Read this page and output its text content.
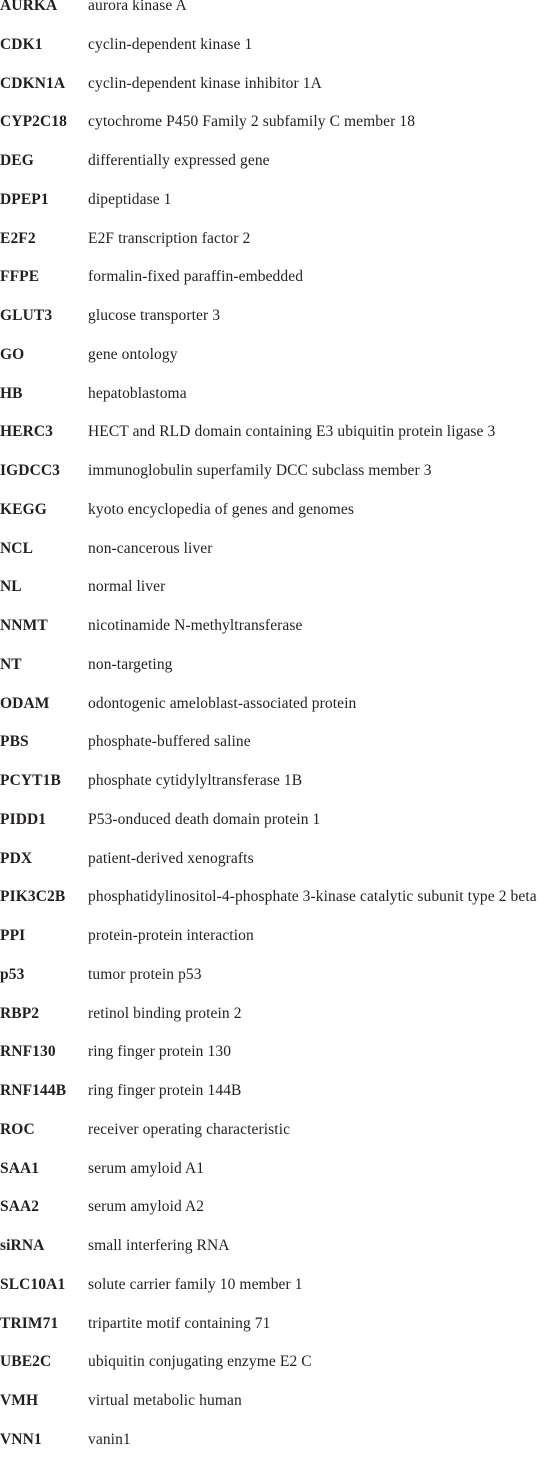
AURKA aurora kinase A
CDK1	cyclin-dependent kinase 1
CDKN1A cyclin-dependent kinase inhibitor 1A
CYP2C18 cytochrome P450 Family 2 subfamily C member 18
DEG	differentially expressed gene
DPEP1	dipeptidase 1
E2F2	E2F transcription factor 2
FFPE	formalin-fixed paraffin-embedded
GLUT3 glucose transporter 3
GO	gene ontology
HB	hepatoblastoma
HERC3 HECT and RLD domain containing E3 ubiquitin protein ligase 3
IGDCC3 immunoglobulin superfamily DCC subclass member 3
KEGG	kyoto encyclopedia of genes and genomes
NCL	non-cancerous liver
NL	normal liver
NNMT	nicotinamide N-methyltransferase
NT	non-targeting
ODAM odontogenic ameloblast-associated protein
PBS	phosphate-buffered saline
PCYT1B phosphate cytidylyltransferase 1B
PIDD1	P53-onduced death domain protein 1
PDX	patient-derived xenografts
PIK3C2B phosphatidylinositol-4-phosphate 3-kinase catalytic subunit type 2 beta
PPI	protein-protein interaction
p53	tumor protein p53
RBP2	retinol binding protein 2
RNF130 ring finger protein 130
RNF144B ring finger protein 144B
ROC	receiver operating characteristic
SAA1	serum amyloid A1
SAA2	serum amyloid A2
siRNA	small interfering RNA
SLC10A1 solute carrier family 10 member 1
TRIM71 tripartite motif containing 71
UBE2C ubiquitin conjugating enzyme E2 C
VMH	virtual metabolic human
VNN1	vanin1
